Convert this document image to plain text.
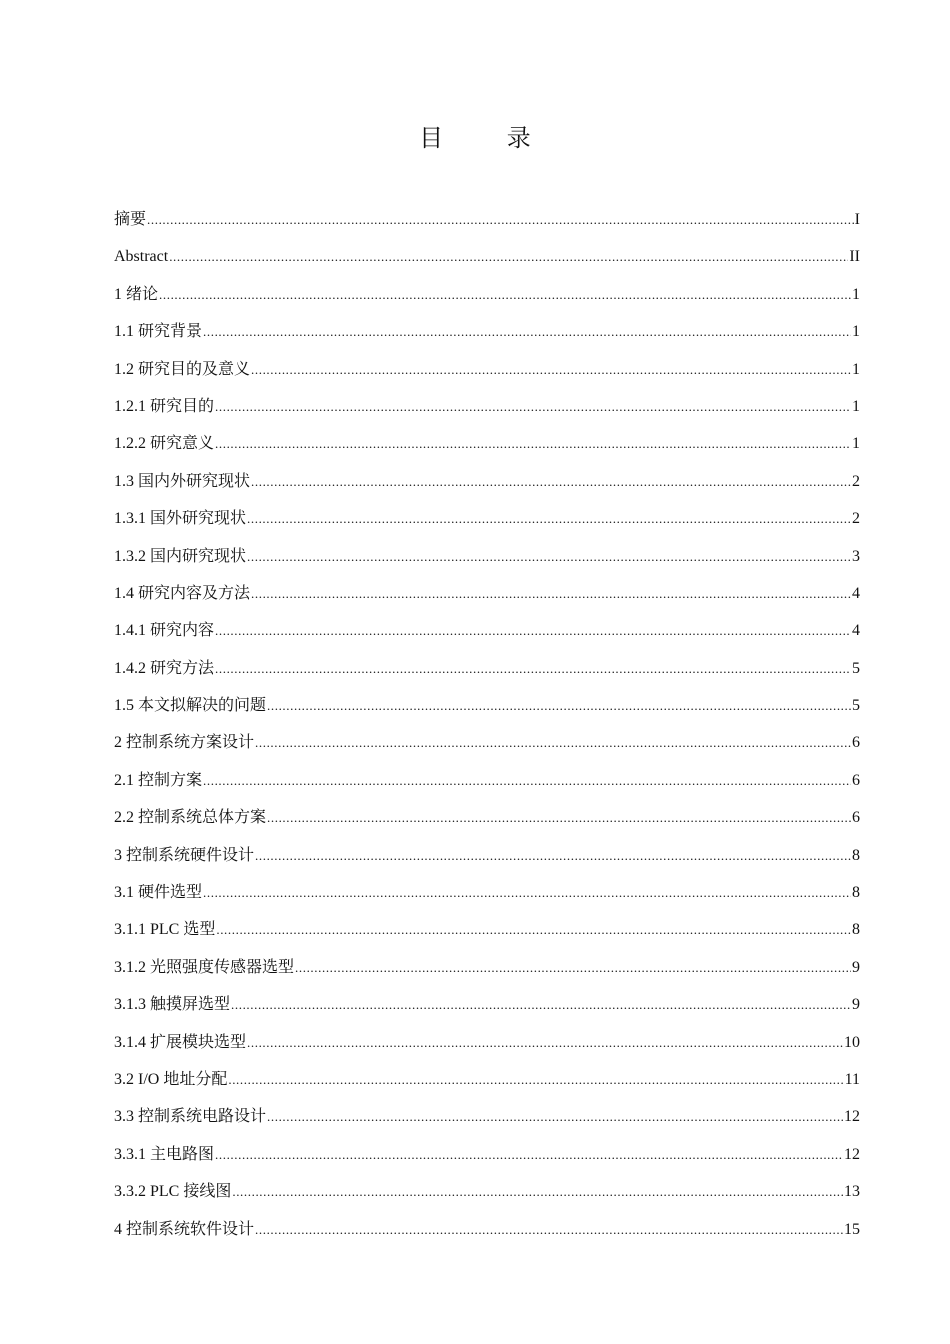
目 录
摘要 .....	I
Abstract .....	II
1 绪论 .....	1
1.1 研究背景 .....	1
1.2 研究目的及意义 .....	1
1.2.1 研究目的 .....	1
1.2.2 研究意义 .....	1
1.3 国内外研究现状 .....	2
1.3.1 国外研究现状 .....	2
1.3.2 国内研究现状 .....	3
1.4 研究内容及方法 .....	4
1.4.1 研究内容 .....	4
1.4.2 研究方法 .....	5
1.5 本文拟解决的问题 .....	5
2 控制系统方案设计 .....	6
2.1 控制方案 .....	6
2.2 控制系统总体方案 .....	6
3 控制系统硬件设计 .....	8
3.1 硬件选型 .....	8
3.1.1 PLC 选型 .....	8
3.1.2 光照强度传感器选型 .....	9
3.1.3 触摸屏选型 .....	9
3.1.4 扩展模块选型 .....	10
3.2 I/O 地址分配 .....	11
3.3 控制系统电路设计 .....	12
3.3.1 主电路图 .....	12
3.3.2 PLC 接线图 .....	13
4 控制系统软件设计 .....	15
